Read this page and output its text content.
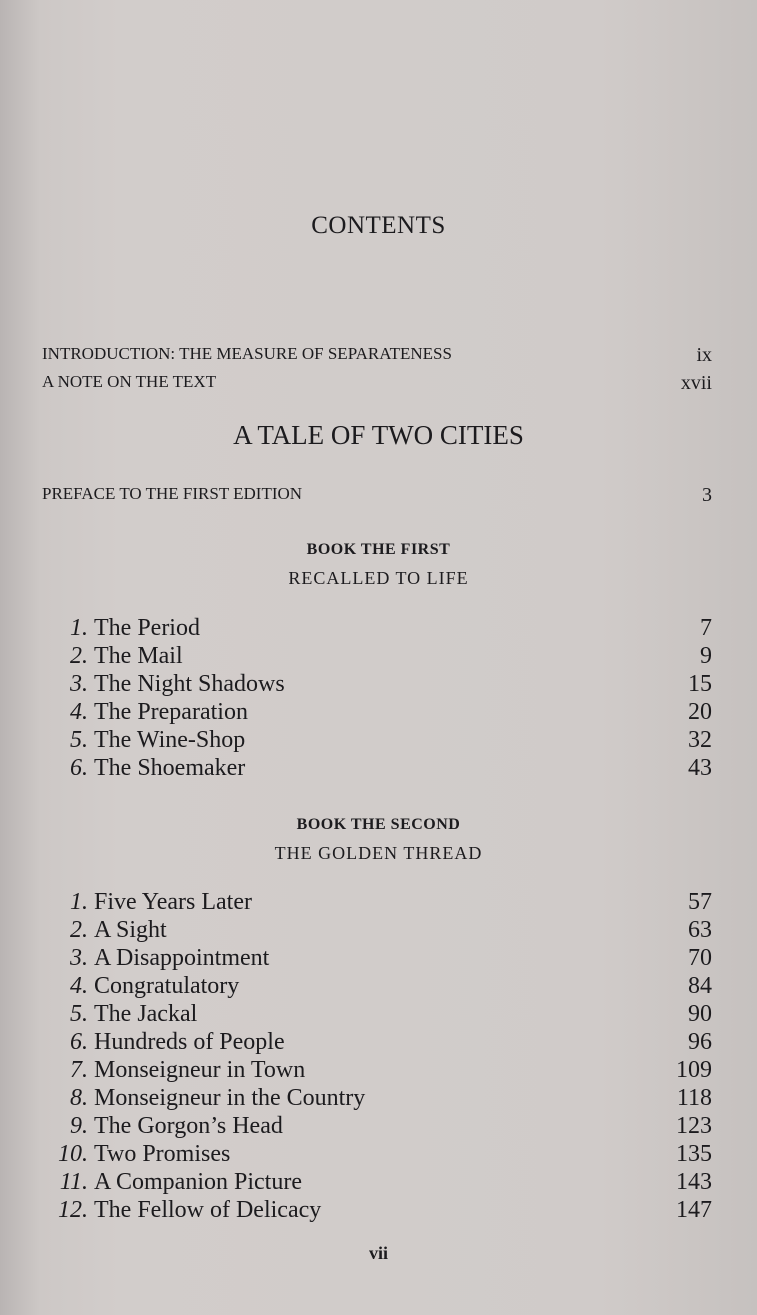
CONTENTS
INTRODUCTION: THE MEASURE OF SEPARATENESS	ix
A NOTE ON THE TEXT	xvii
A TALE OF TWO CITIES
PREFACE TO THE FIRST EDITION	3
BOOK THE FIRST
RECALLED TO LIFE
1. The Period	7
2. The Mail	9
3. The Night Shadows	15
4. The Preparation	20
5. The Wine-Shop	32
6. The Shoemaker	43
BOOK THE SECOND
THE GOLDEN THREAD
1. Five Years Later	57
2. A Sight	63
3. A Disappointment	70
4. Congratulatory	84
5. The Jackal	90
6. Hundreds of People	96
7. Monseigneur in Town	109
8. Monseigneur in the Country	118
9. The Gorgon’s Head	123
10. Two Promises	135
11. A Companion Picture	143
12. The Fellow of Delicacy	147
vii
